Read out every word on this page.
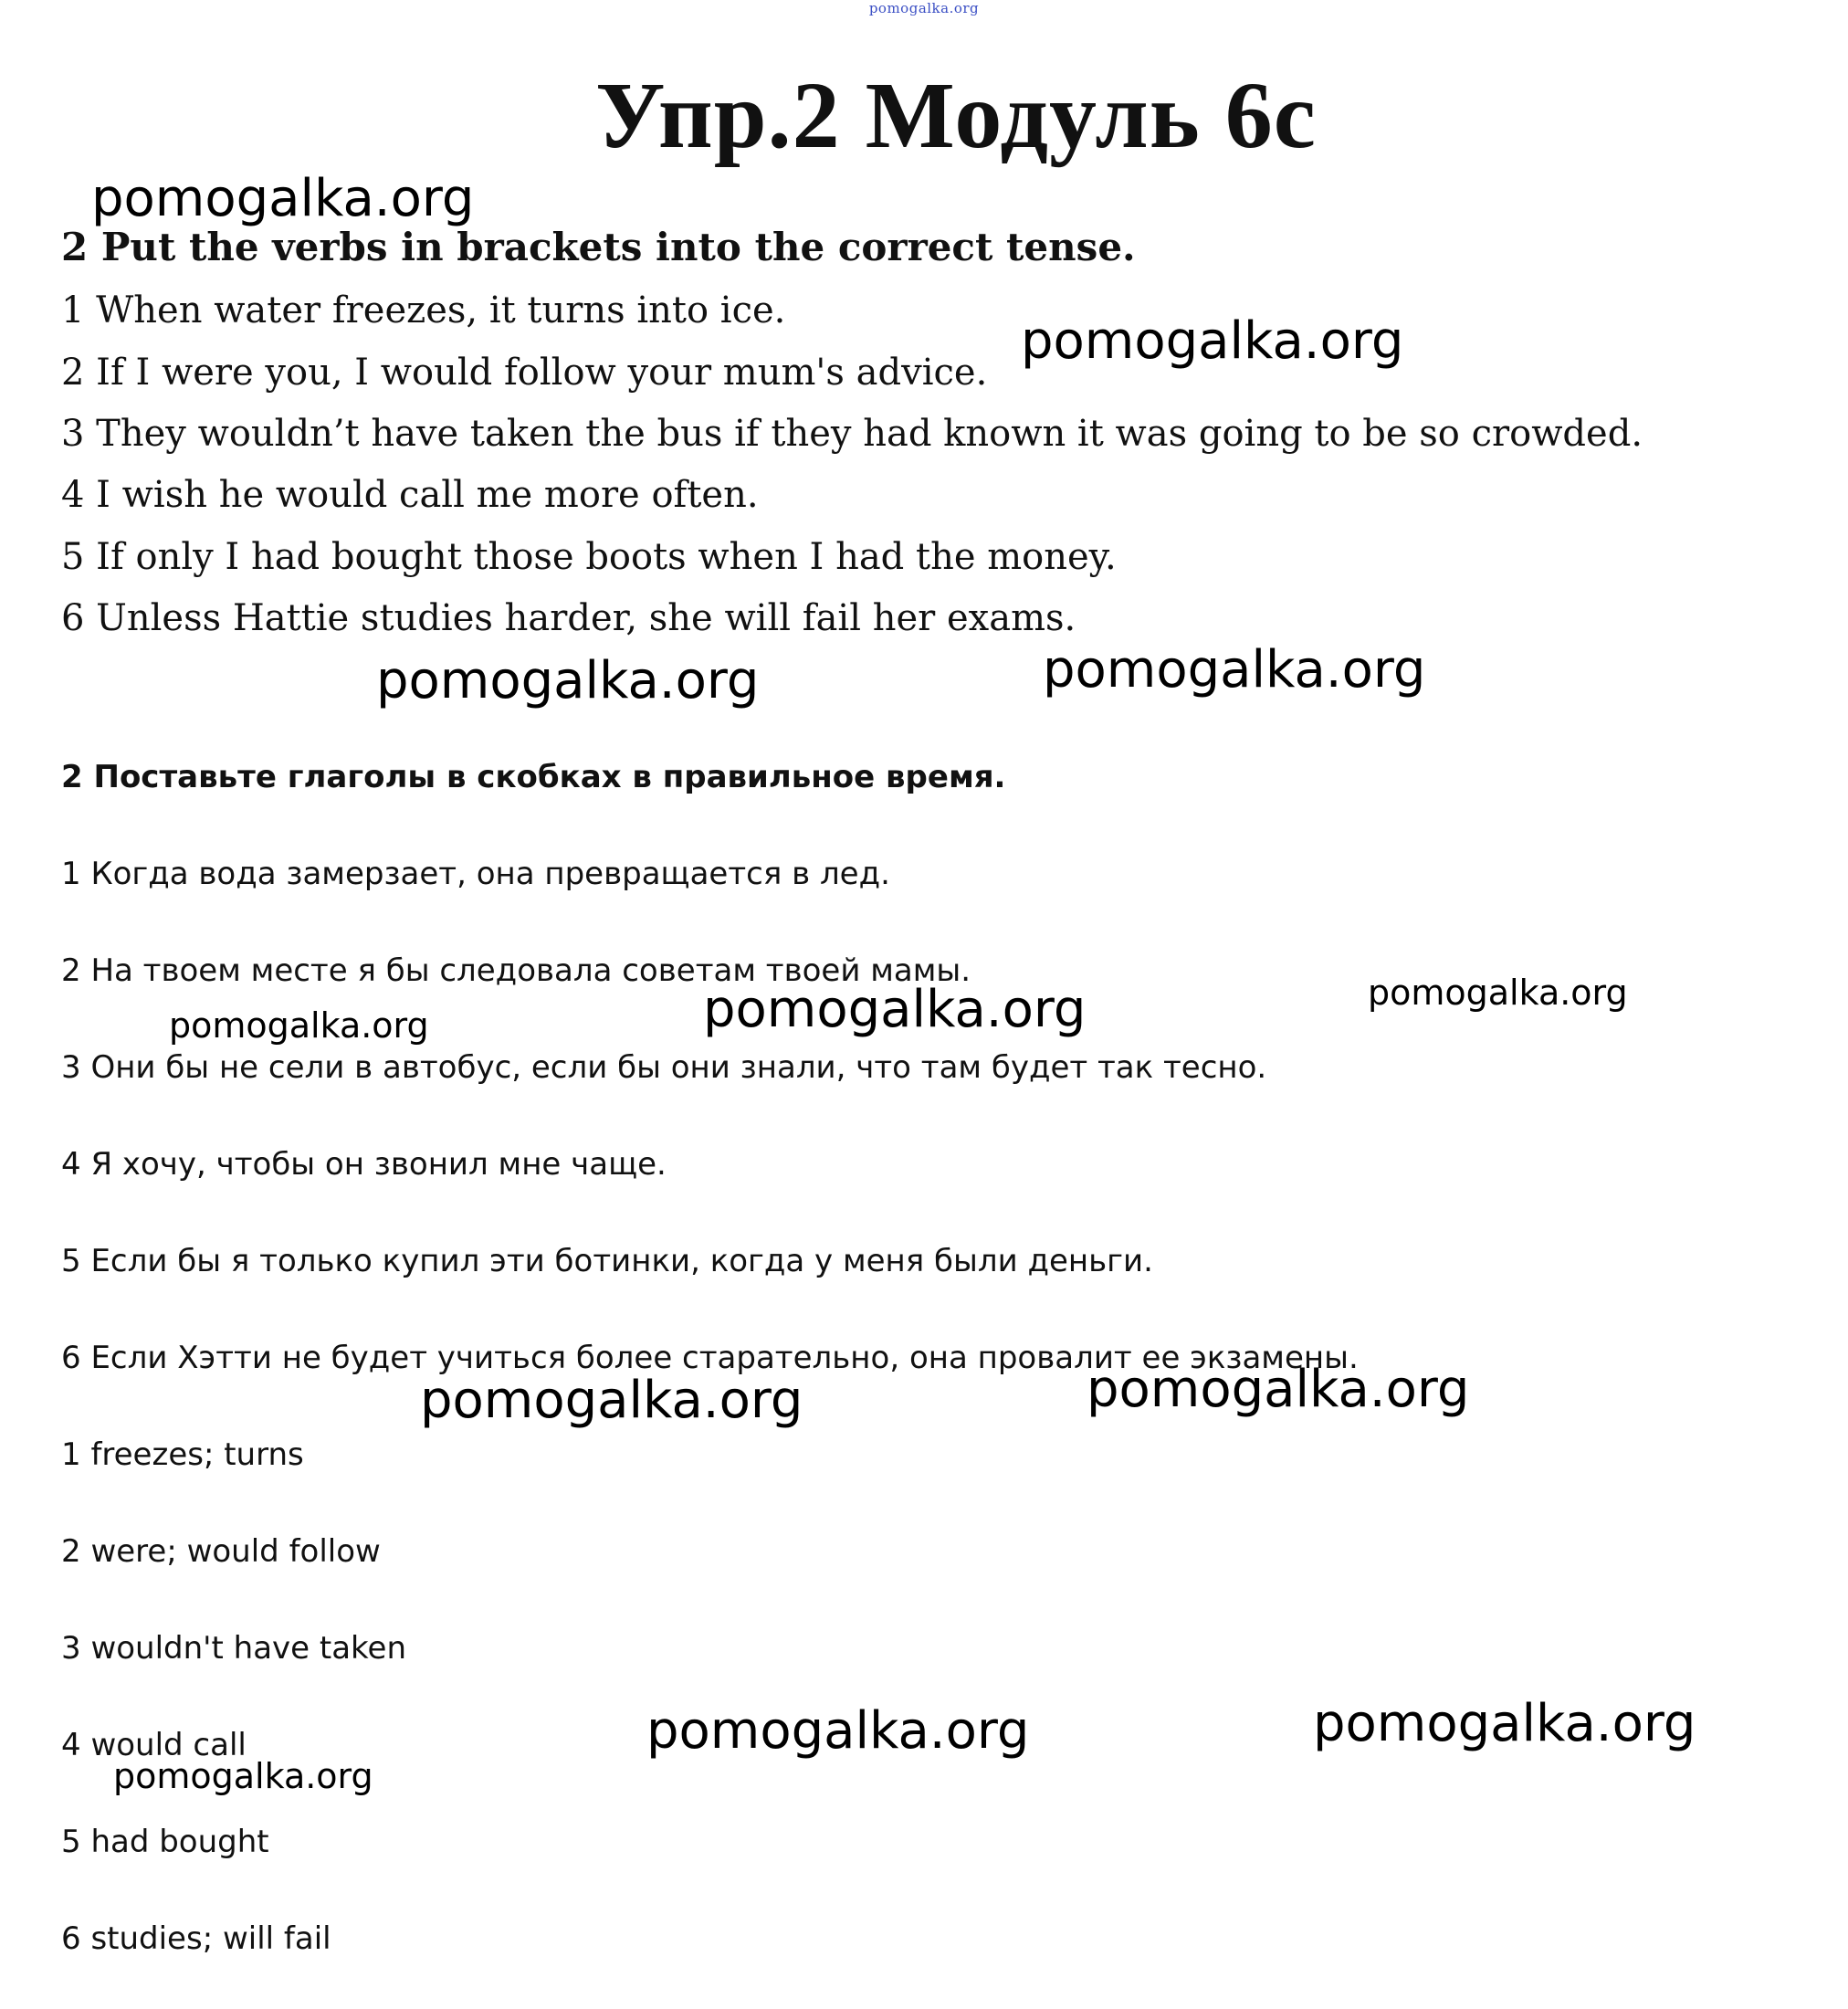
pomogalka.org
Упр.2 Модуль 6c
2 Put the verbs in brackets into the correct tense.
1 When water freezes, it turns into ice.
2 If I were you, I would follow your mum's advice.
3 They wouldn’t have taken the bus if they had known it was going to be so crowded.
4 I wish he would call me more often.
5 If only I had bought those boots when I had the money.
6 Unless Hattie studies harder, she will fail her exams.
2 Поставьте глаголы в скобках в правильное время.
1 Когда вода замерзает, она превращается в лед.
2 На твоем месте я бы следовала советам твоей мамы.
3 Они бы не сели в автобус, если бы они знали, что там будет так тесно.
4 Я хочу, чтобы он звонил мне чаще.
5 Если бы я только купил эти ботинки, когда у меня были деньги.
6 Если Хэтти не будет учиться более старательно, она провалит ее экзамены.
1 freezes; turns
2 were; would follow
3 wouldn't have taken
4 would call
5 had bought
6 studies; will fail
pomogalka.org
pomogalka.org
pomogalka.org	pomogalka.org
pomogalka.org
pomogalka.org	pomogalka.org
pomogalka.org	pomogalka.org
pomogalka.org	pomogalka.org
pomogalka.org
